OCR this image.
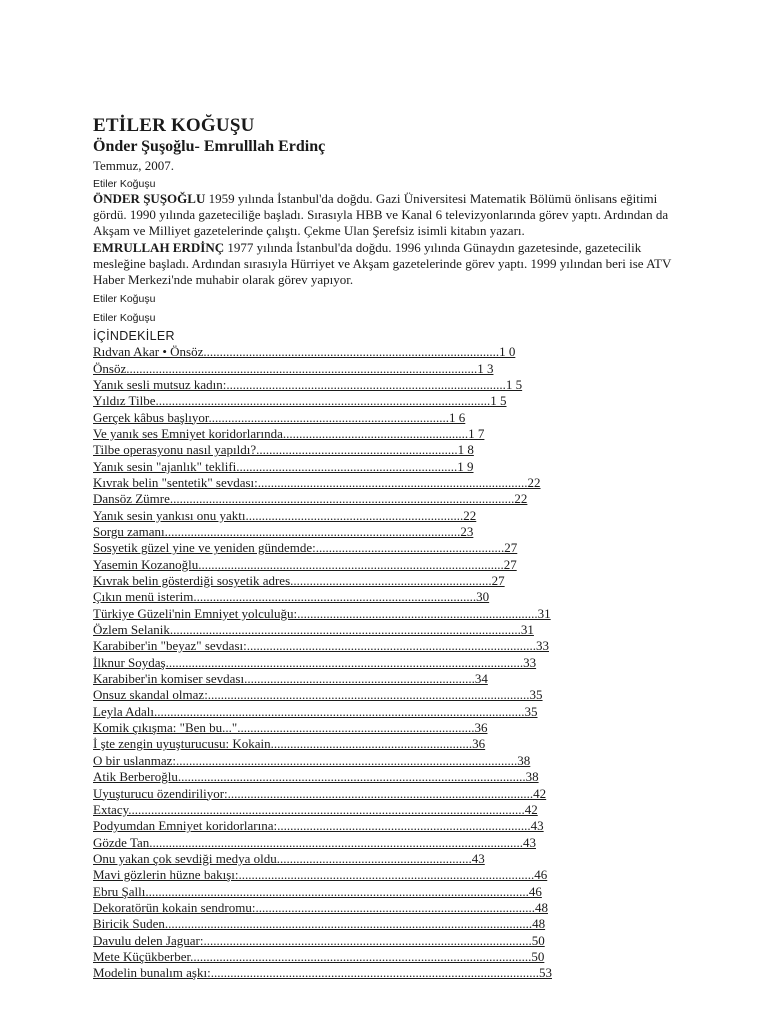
ETİLER KOĞUŞU
Önder Şuşoğlu- Emrulllah Erdinç

Temmuz, 2007.

Etiler Koğuşu

ÖNDER ŞUŞOĞLU 1959 yılında İstanbul'da doğdu. Gazi Üniversitesi Matematik Bölümü önlisans eğitimi gördü. 1990 yılında gazeteciliğe başladı. Sırasıyla HBB ve Kanal 6 televizyonlarında görev yaptı. Ardından da Akşam ve Milliyet gazetelerinde çalıştı. Çekme Ulan Şerefsiz isimli kitabın yazarı.

EMRULLAH ERDİNÇ 1977 yılında İstanbul'da doğdu. 1996 yılında Günaydın gazetesinde, gazetecilik mesleğine başladı. Ardından sırasıyla Hürriyet ve Akşam gazetelerinde görev yaptı. 1999 yılından beri ise ATV Haber Merkezi'nde muhabir olarak görev yapıyor.

Etiler Koğuşu

Etiler Koğuşu

İÇİNDEKİLER

Rıdvan Akar • Önsöz...........................................................................................1 0
Önsöz............................................................................................................1 3
Yanık sesli mutsuz kadın:......................................................................................1 5
Yıldız Tilbe.......................................................................................................1 5
Gerçek kâbus başlıyor..........................................................................1 6
Ve yanık ses Emniyet koridorlarında.........................................................1 7
Tilbe operasyonu nasıl yapıldı?..............................................................1 8
Yanık sesin "ajanlık" teklifi....................................................................1 9
Kıvrak belin "sentetik" sevdası:...................................................................................22
Dansöz Zümre..........................................................................................................22
Yanık sesin yankısı onu yaktı...................................................................22
Sorgu zamanı...........................................................................................23
Sosyetik güzel yine ve yeniden gündemde:..........................................................27
Yasemin Kozanoğlu..............................................................................................27
Kıvrak belin gösterdiği sosyetik adres..............................................................27
Çıkın menü isterim.......................................................................................30
Türkiye Güzeli'nin Emniyet yolculuğu:..........................................................................31
Özlem Selanik............................................................................................................31
Karabiber'in "beyaz" sevdası:.........................................................................................33
İlknur Soydaş..............................................................................................................33
Karabiber'in komiser sevdası.......................................................................34
Onsuz skandal olmaz:...................................................................................................35
Leyla Adalı..................................................................................................................35
Komik çıkışma: "Ben bu...".........................................................................36
İ şte zengin uyuşturucusu: Kokain..............................................................36
O bir uslanmaz:.........................................................................................................38
Atik Berberoğlu...........................................................................................................38
Uyuşturucu özendiriliyor:..............................................................................................42
Extacy..........................................................................................................................42
Podyumdan Emniyet koridorlarına:..............................................................................43
Gözde Tan...................................................................................................................43
Onu yakan çok sevdiği medya oldu............................................................43
Mavi gözlerin hüzne bakışı:...........................................................................................46
Ebru Şallı......................................................................................................................46
Dekoratörün kokain sendromu:......................................................................................48
Biricik Suden.................................................................................................................48
Davulu delen Jaguar:.....................................................................................................50
Mete Küçükberber.........................................................................................................50
Modelin bunalım aşkı:.....................................................................................................53
